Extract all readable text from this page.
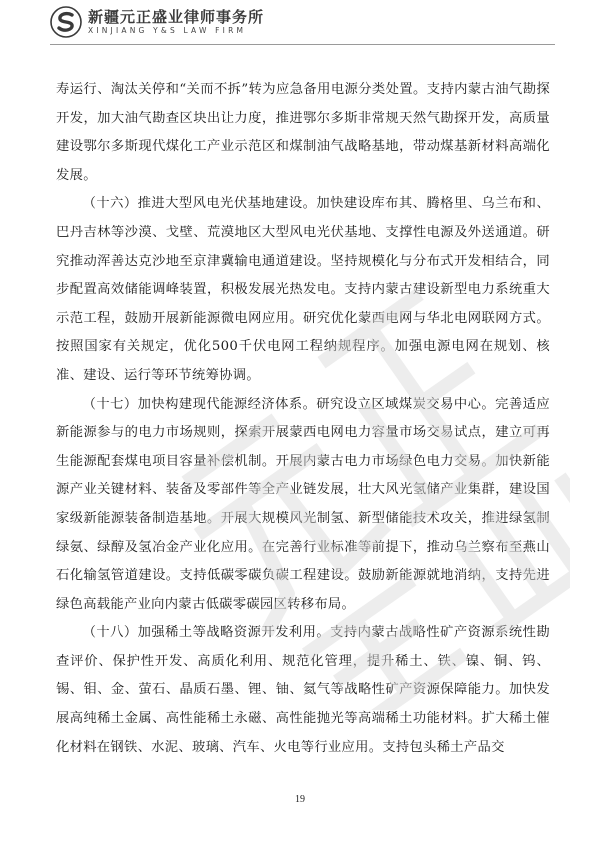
新疆元正盛业律师事务所
XINJIANG Y&S LAW FIRM

寿运行、淘汰关停和“关而不拆”转为应急备用电源分类处置。支持内蒙古油气勘探开发，加大油气勘查区块出让力度，推进鄂尔多斯非常规天然气勘探开发，高质量建设鄂尔多斯现代煤化工产业示范区和煤制油气战略基地，带动煤基新材料高端化发展。

（十六）推进大型风电光伏基地建设。加快建设库布其、腾格里、乌兰布和、巴丹吉林等沙漠、戈壁、荒漠地区大型风电光伏基地、支撑性电源及外送通道。研究推动浑善达克沙地至京津冀输电通道建设。坚持规模化与分布式开发相结合，同步配置高效储能调峰装置，积极发展光热发电。支持内蒙古建设新型电力系统重大示范工程，鼓励开展新能源微电网应用。研究优化蒙西电网与华北电网联网方式。按照国家有关规定，优化500千伏电网工程纳规程序。加强电源电网在规划、核准、建设、运行等环节统筹协调。

（十七）加快构建现代能源经济体系。研究设立区域煤炭交易中心。完善适应新能源参与的电力市场规则，探索开展蒙西电网电力容量市场交易试点，建立可再生能源配套煤电项目容量补偿机制。开展内蒙古电力市场绿色电力交易。加快新能源产业关键材料、装备及零部件等全产业链发展，壮大风光氢储产业集群，建设国家级新能源装备制造基地。开展大规模风光制氢、新型储能技术攻关，推进绿氢制绿氨、绿醇及氢冶金产业化应用。在完善行业标准等前提下，推动乌兰察布至燕山石化输氢管道建设。支持低碳零碳负碳工程建设。鼓励新能源就地消纳，支持先进绿色高载能产业向内蒙古低碳零碳园区转移布局。

（十八）加强稀土等战略资源开发利用。支持内蒙古战略性矿产资源系统性勘查评价、保护性开发、高质化利用、规范化管理，提升稀土、铁、镍、铜、钨、锡、钼、金、萤石、晶质石墨、锂、铀、氦气等战略性矿产资源保障能力。加快发展高纯稀土金属、高性能稀土永磁、高性能抛光等高端稀土功能材料。扩大稀土催化材料在钢铁、水泥、玻璃、汽车、火电等行业应用。支持包头稀土产品交

19
